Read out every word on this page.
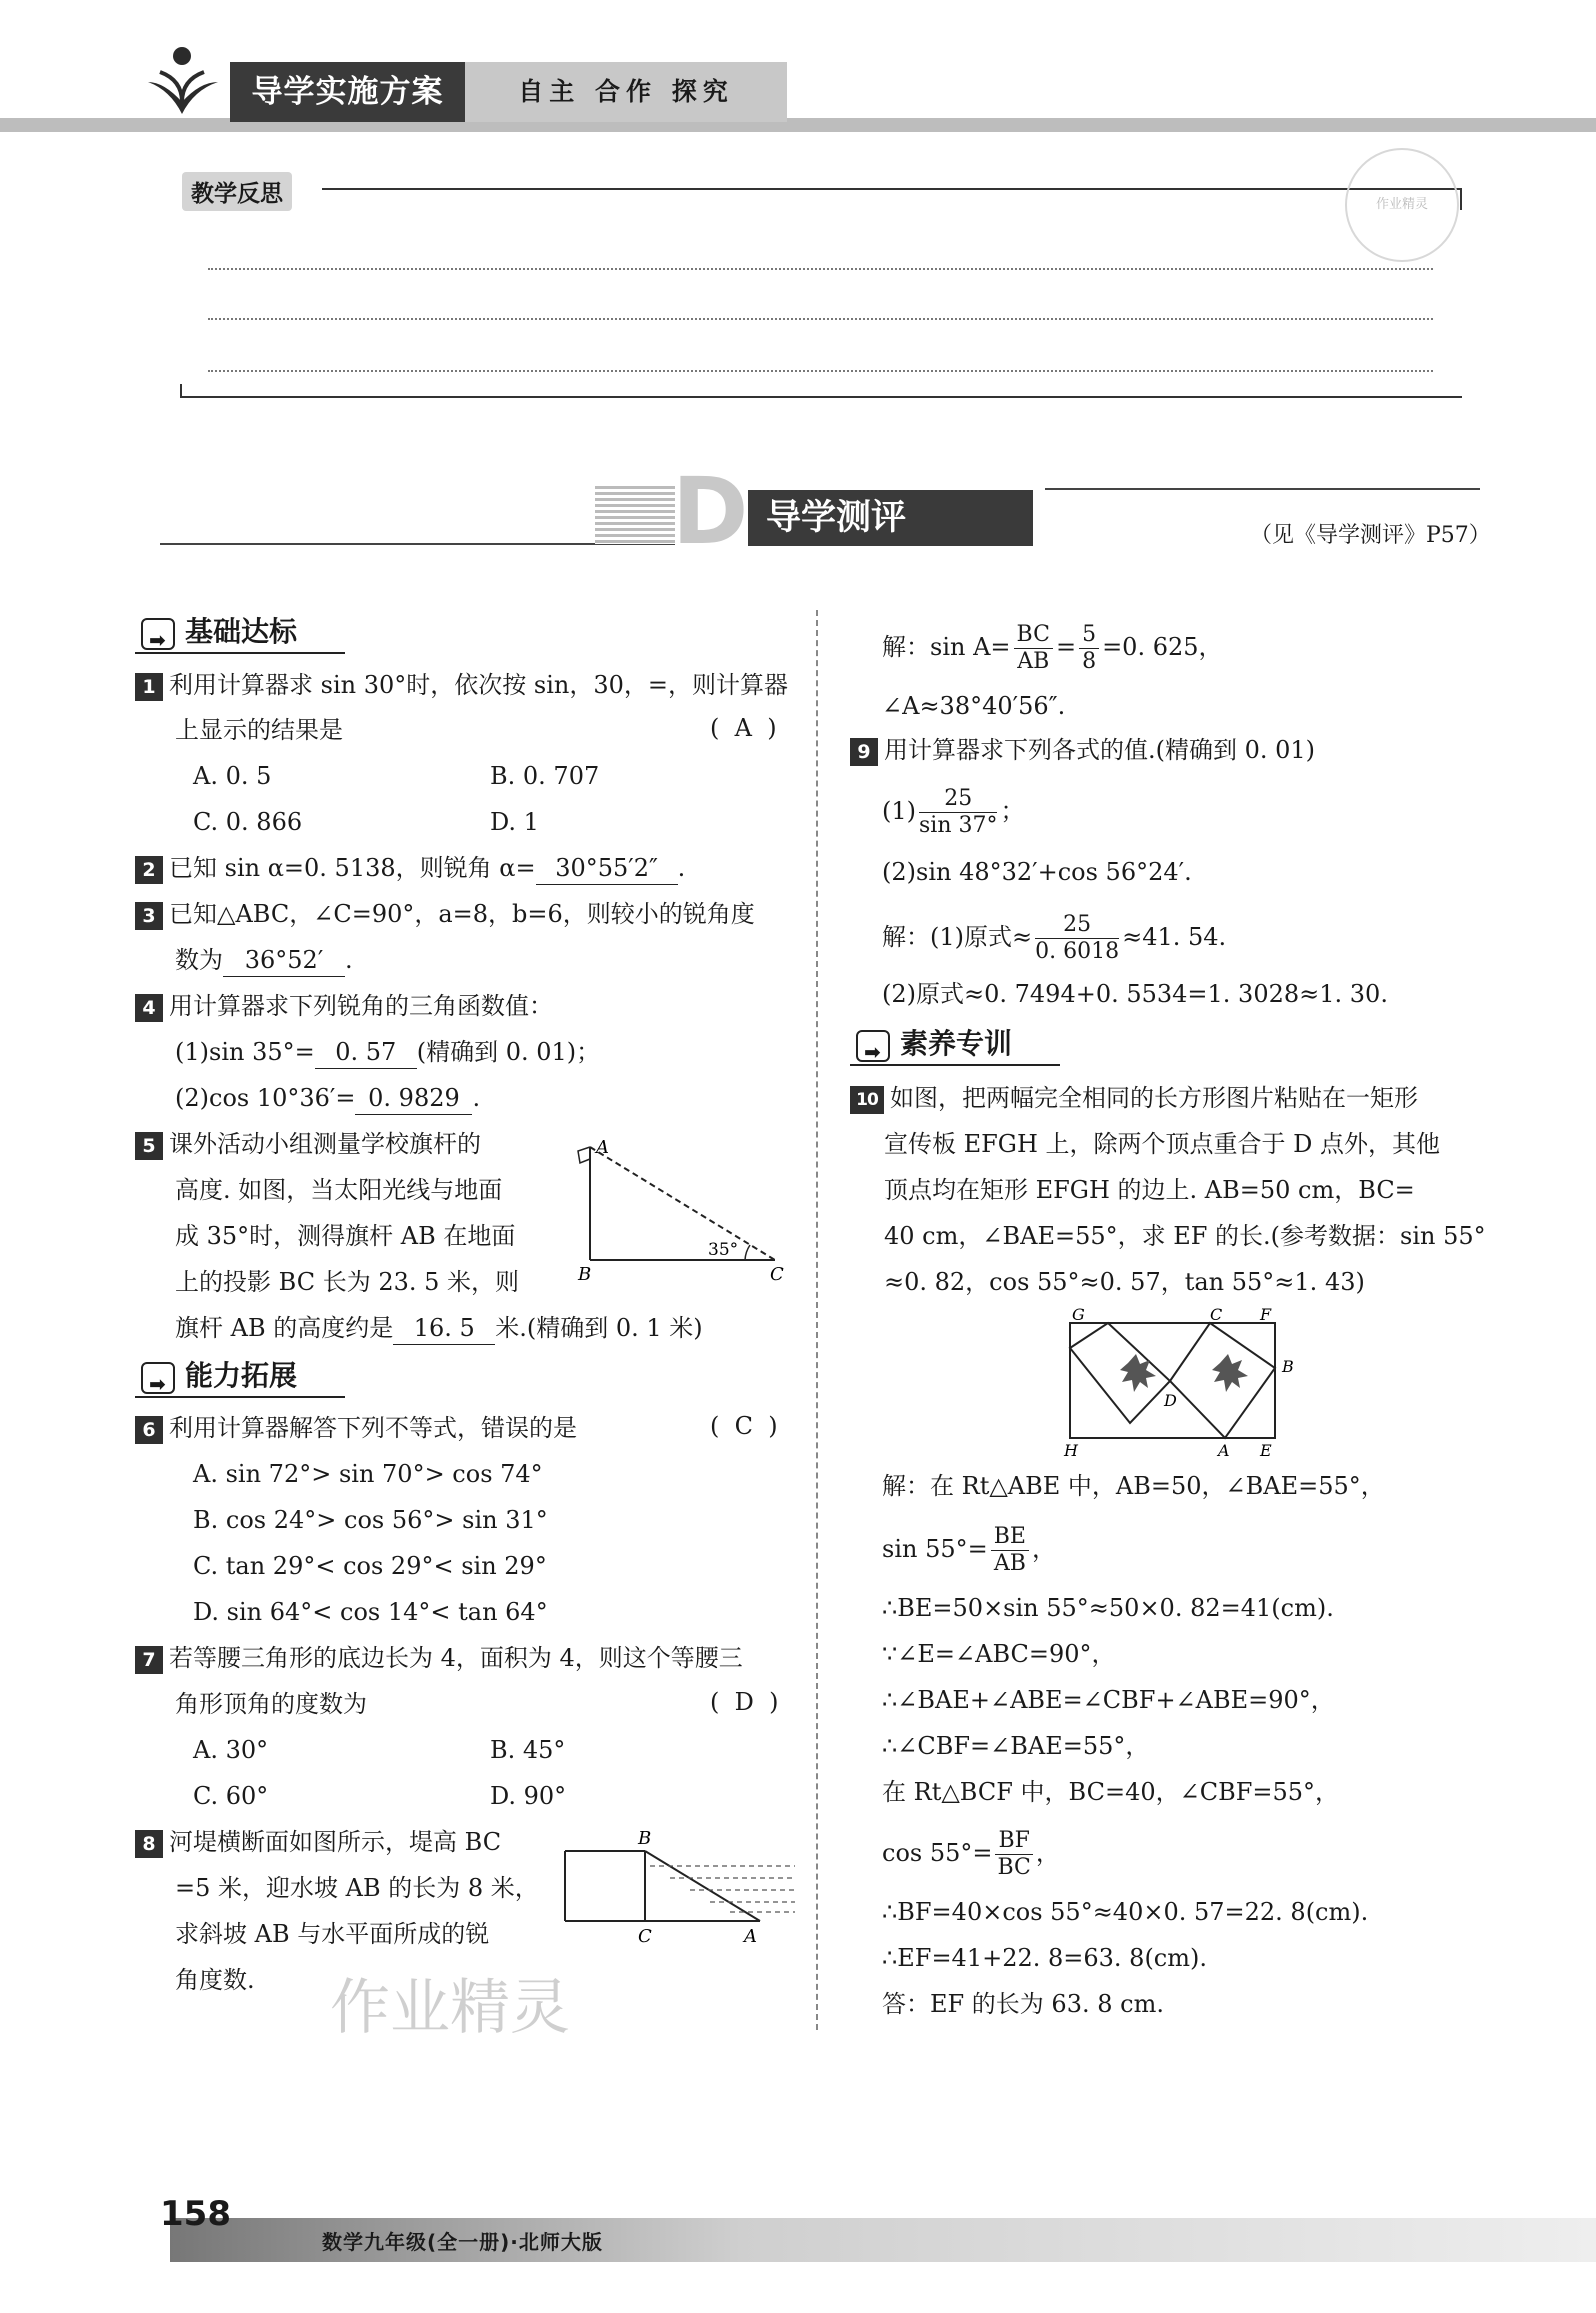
导学实施方案	自主 合作 探究
教学反思	作业精灵
D 导学测评	（见《导学测评》P57）
➡ 基础达标
1 利用计算器求 sin 30°时，依次按 sin，30，=，则计算器
上显示的结果是	(  A  )
A. 0. 5	B. 0. 707
C. 0. 866	D. 1
2 已知 sin α=0. 5138，则锐角 α= 30°55′2″ .
3 已知△ABC，∠C=90°，a=8，b=6，则较小的锐角度
数为 36°52′ .
4 用计算器求下列锐角的三角函数值：
(1)sin 35°= 0. 57 (精确到 0. 01)；
(2)cos 10°36′= 0. 9829 .
5 课外活动小组测量学校旗杆的
高度. 如图，当太阳光线与地面
成 35°时，测得旗杆 AB 在地面
上的投影 BC 长为 23. 5 米，则
旗杆 AB 的高度约是 16. 5 米.(精确到 0. 1 米)
A
B	C
35°
➡ 能力拓展
6 利用计算器解答下列不等式，错误的是	(  C  )
A. sin 72°> sin 70°> cos 74°
B. cos 24°> cos 56°> sin 31°
C. tan 29°< cos 29°< sin 29°
D. sin 64°< cos 14°< tan 64°
7 若等腰三角形的底边长为 4，面积为 4，则这个等腰三
角形顶角的度数为	(  D  )
A. 30°	B. 45°
C. 60°	D. 90°
8 河堤横断面如图所示，堤高 BC
=5 米，迎水坡 AB 的长为 8 米，
求斜坡 AB 与水平面所成的锐
角度数.
B
C	A
作业精灵
解：$\sin A= \frac{BC}{AB} = \frac{5}{8} =0$. 625，
∠A≈38°40′56″.
9 用计算器求下列各式的值.(精确到 0. 01)
$(1) \frac{25}{\sin 37^\circ}$ ；
(2)sin 48°32′+cos 56°24′.
解：(1)原式≈ $\frac{25}{0. 6018} \approx 41$. 54.
(2)原式≈0. 7494+0. 5534=1. 3028≈1. 30.
➡ 素养专训
10 如图，把两幅完全相同的长方形图片粘贴在一矩形
宣传板 EFGH 上，除两个顶点重合于 D 点外，其他
顶点均在矩形 EFGH 的边上. AB=50 cm，BC=
40 cm，∠BAE=55°，求 EF 的长.(参考数据：sin 55°
≈0. 82，cos 55°≈0. 57，tan 55°≈1. 43)
G	C F
B
D
H	A E
解：在 Rt△ABE 中，AB=50，∠BAE=55°，
$\sin 55^\circ= \frac{BE}{AB}$ ，
∴BE=50×sin 55°≈50×0. 82=41(cm).
∵∠E=∠ABC=90°，
∴∠BAE+∠ABE=∠CBF+∠ABE=90°，
∴∠CBF=∠BAE=55°，
在 Rt△BCF 中，BC=40，∠CBF=55°，
$\cos 55^\circ= \frac{BF}{BC}$ ，
∴BF=40×cos 55°≈40×0. 57=22. 8(cm).
∴EF=41+22. 8=63. 8(cm).
答：EF 的长为 63. 8 cm.
158
数学九年级(全一册)·北师大版
